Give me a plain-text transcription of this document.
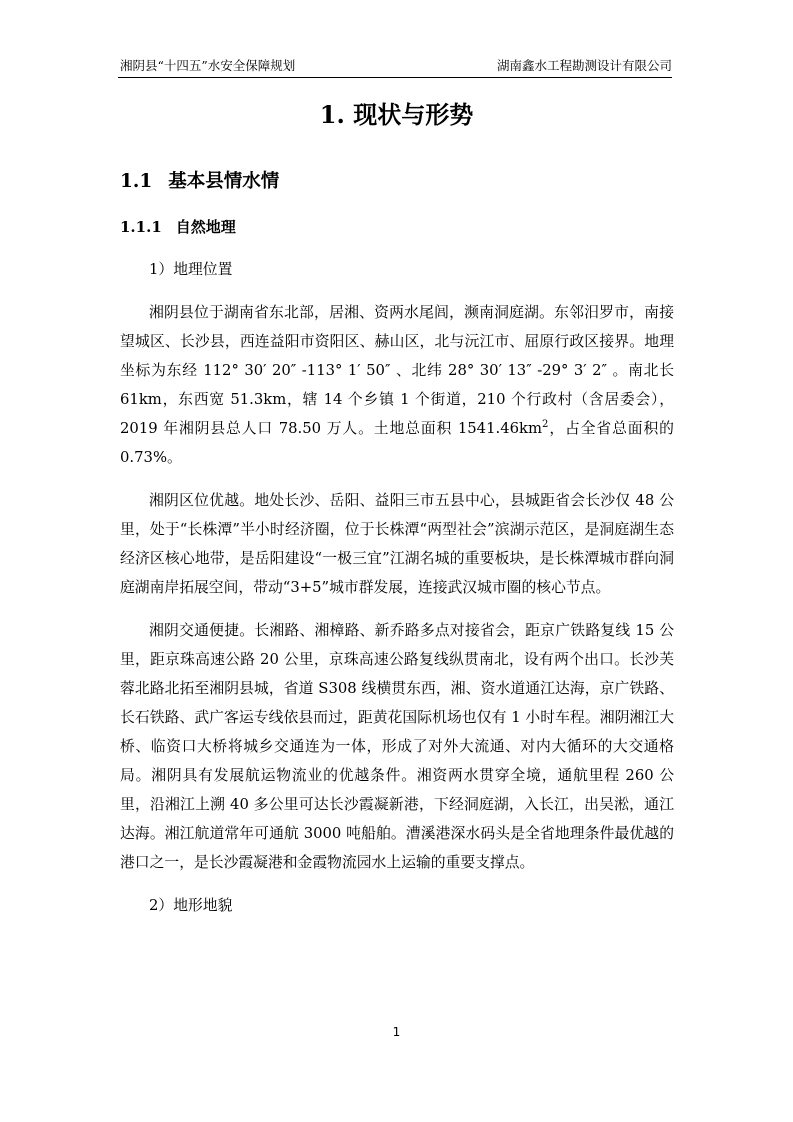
湘阴县“十四五”水安全保障规划	湖南鑫水工程勘测设计有限公司
1. 现状与形势
1.1 基本县情水情
1.1.1 自然地理

1）地理位置

湘阴县位于湖南省东北部，居湘、资两水尾闾，濒南洞庭湖。东邻汨罗市，南接望城区、长沙县，西连益阳市资阳区、赫山区，北与沅江市、屈原行政区接界。地理坐标为东经 112° 30′ 20″ -113° 1′ 50″ 、北纬 28° 30′ 13″ -29° 3′ 2″ 。南北长 61km，东西宽 51.3km，辖 14 个乡镇 1 个街道，210 个行政村（含居委会），2019 年湘阴县总人口 78.50 万人。土地总面积 $1541.46km^2$，占全省总面积的 0.73%。

湘阴区位优越。地处长沙、岳阳、益阳三市五县中心，县城距省会长沙仅 48 公里，处于“长株潭”半小时经济圈，位于长株潭“两型社会”滨湖示范区，是洞庭湖生态经济区核心地带，是岳阳建设“一极三宜”江湖名城的重要板块，是长株潭城市群向洞庭湖南岸拓展空间，带动“3+5”城市群发展，连接武汉城市圈的核心节点。

湘阴交通便捷。长湘路、湘樟路、新乔路多点对接省会，距京广铁路复线 15 公里，距京珠高速公路 20 公里，京珠高速公路复线纵贯南北，设有两个出口。长沙芙蓉北路北拓至湘阴县城，省道 S308 线横贯东西，湘、资水道通江达海，京广铁路、长石铁路、武广客运专线依县而过，距黄花国际机场也仅有 1 小时车程。湘阴湘江大桥、临资口大桥将城乡交通连为一体，形成了对外大流通、对内大循环的大交通格局。湘阴具有发展航运物流业的优越条件。湘资两水贯穿全境，通航里程 260 公里，沿湘江上溯 40 多公里可达长沙霞凝新港，下经洞庭湖，入长江，出吴淞，通江达海。湘江航道常年可通航 3000 吨船舶。漕溪港深水码头是全省地理条件最优越的港口之一，是长沙霞凝港和金霞物流园水上运输的重要支撑点。

2）地形地貌

1
